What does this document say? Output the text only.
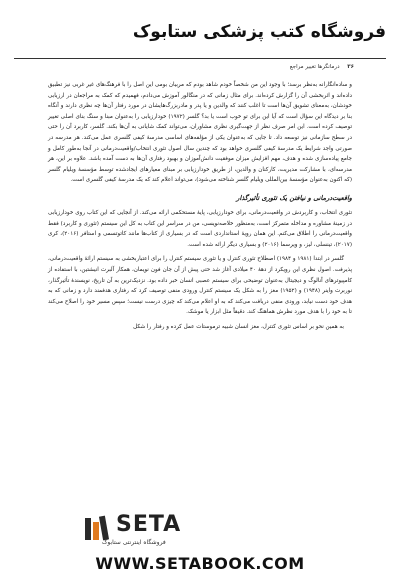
فروشگاه کتب پزشکی ستابوک
۳۶ درمانگرها تغییر مراجع

و ساده‌انگارانه به‌نظر برسد؛ با وجود این من شخصاً خودم شاهد بودم که مربیان بومی این اصل را با فرهنگ‌های غیر غربی نیز تطبیق داده‌اند و اثربخشی آن را گزارش کرده‌اند. برای مثال زمانی که در منگالور آموزش می‌دادم، فهمیدم که کمک به مراجعان در ارزیابی خودشان، به‌معنای تشویق آن‌ها است تا اغلب کنند که والدین و یا پدر و مادربزرگ‌هایشان در مورد رفتار آن‌ها چه نظری دارند و آنگاه بنا بر دیدگاه این سؤال است که آیا این برای تو خوب است یا بد؟ گلسر (۱۹۷۲) خودارزیابی را به‌عنوان مبنا و سنگ بنای اصلی تغییر توصیف کرده است. این امر صرف نظر از جهت‌گیری نظری مشاوران، می‌تواند کمک شایانی به آن‌ها بکند. گلسر، کاربرد آن را حتی در سطح سازمانی نیز توسعه داد. تا جایی که به‌عنوان یکی از مؤلفه‌های اساسی مدرسهٔ کیفی گلسری عمل می‌کند. هر مدرسه در صورتی واجد شرایط یک مدرسهٔ کیفی گلسری خواهد بود که چندین سال اصول تئوری انتخاب/واقعیت‌درمانی در آنجا به‌طور کامل و جامع پیاده‌سازی شده و هدف، مهم افزایش میزان موفقیت دانش‌آموزان و بهبود رفتاری آن‌ها به دست آمده باشد. علاوه بر این، هر مدرسه‌ای، با مشارکت مدیریت، کارکنان و والدین، از طریق خودارزیابی بر مبنای معیارهای ایجادشده توسط مؤسسهٔ ویلیام گلسر (که اکنون به‌عنوان مؤسسهٔ بین‌المللی ویلیام گلسر شناخته می‌شود)، می‌تواند اعلام کند که یک مدرسهٔ کیفی گلسری است.

واقعیت‌درمانی و نیافتن یک تئوری تأثیرگذار

تئوری انتخاب، و کاربردش در واقعیت‌درمانی، برای خودارزیابی، پایهٔ مستحکمی ارائه می‌کند. از آنجایی که این کتاب روی خودارزیابی در زمینهٔ مشاوره و مداخله متمرکز است، به‌منظور خلاصه‌نویسی، من در سراسر این کتاب به کل این سیستم (تئوری و کاربرد) فقط واقعیت‌درمانی را اطلاق می‌کنم. این همان رویهٔ استانداردی است که در بسیاری از کتاب‌ها مانند کاتوتسمی و استافر (۲۰۱۶)، کری (۲۰۱۷)، تینسلی، لیز، و ویرسما (۲۰۱۶) و بسیاری دیگر ارائه شده است.

گلسر در ابتدا (۱۹۸۱ و ۱۹۸۴) اصطلاح تئوری کنترل و یا تئوری سیستم کنترل را برای اعتباربخشی به سیستم ارائهٔ واقعیت‌درمانی، پذیرفت. اصول نظری این رویکرد از دههٔ ۴۰ میلادی آغاز شد حتی پیش از آن جان فون نویمان، همکار آلبرت انیشتین، با استفاده از کامپیوترهای آنالوگ و دیجیتال به‌عنوان توضیحی برای سیستم عصبی انسان خبر داده بود. نزدیک‌ترین به آن تاریخ، نویسندهٔ تأثیرگذار، نوربرت واینر (۱۹۴۸) و (۱۹۵۲) مغز را به شکل یک سیستم کنترل ورودی منفی توصیف کرد که رفتاری هدفمند دارد و زمانی که به هدف خود دست نیابد، ورودی منفی دریافت می‌کند که به او اعلام می‌کند که چیزی درست نیست؛ سپس مسیر خود را اصلاح می‌کند تا به خود را با هدف مورد نظرش هماهنگ کند. دقیقاً مثل ابزار یا موشک.

به همین نحو بر اساس تئوری کنترل، مغز انسان شبیه ترموستات عمل کرده و رفتار را شکل

SETA
فروشگاه اینترنتی ستابوک
WWW.SETABOOK.COM
